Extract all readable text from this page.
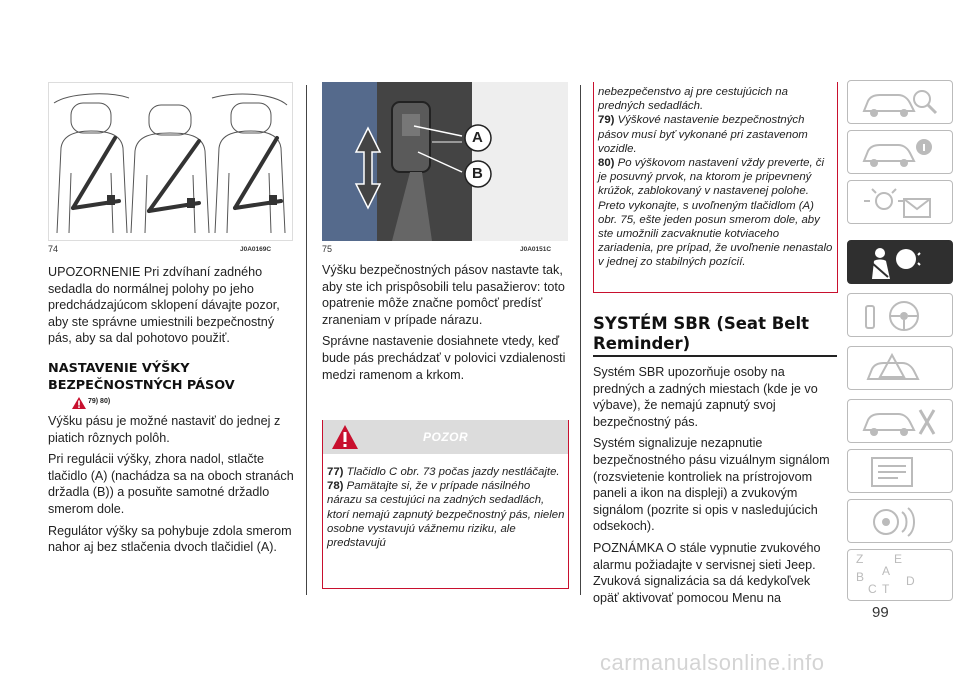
74	J0A0169C

UPOZORNENIE Pri zdvíhaní zadného sedadla do normálnej polohy po jeho predchádzajúcom sklopení dávajte pozor, aby ste správne umiestnili bezpečnostný pás, aby sa dal pohotovo použiť.

NASTAVENIE VÝŠKY
BEZPEČNOSTNÝCH PÁSOV
79) 80)

Výšku pásu je možné nastaviť do jednej z piatich rôznych polôh.

Pri regulácii výšky, zhora nadol, stlačte tlačidlo (A) (nachádza sa na oboch stranách držadla (B)) a posuňte samotné držadlo smerom dole.

Regulátor výšky sa pohybuje zdola smerom nahor aj bez stlačenia dvoch tlačidiel (A).

A
B
75	J0A0151C

Výšku bezpečnostných pásov nastavte tak, aby ste ich prispôsobili telu pasažierov: toto opatrenie môže značne pomôcť predísť zraneniam v prípade nárazu.

Správne nastavenie dosiahnete vtedy, keď bude pás prechádzať v polovici vzdialenosti medzi ramenom a krkom.

POZOR
77) Tlačidlo C obr. 73 počas jazdy nestláčajte.
78) Pamätajte si, že v prípade násilného nárazu sa cestujúci na zadných sedadlách, ktorí nemajú zapnutý bezpečnostný pás, nielen osobne vystavujú vážnemu riziku, ale predstavujú
nebezpečenstvo aj pre cestujúcich na predných sedadlách.
79) Výškové nastavenie bezpečnostných pásov musí byť vykonané pri zastavenom vozidle.
80) Po výškovom nastavení vždy preverte, či je posuvný prvok, na ktorom je pripevnený krúžok, zablokovaný v nastavenej polohe. Preto vykonajte, s uvoľneným tlačidlom (A) obr. 75, ešte jeden posun smerom dole, aby ste umožnili zacvaknutie kotviaceho zariadenia, pre prípad, že uvoľnenie nenastalo v jednej zo stabilných pozícií.
SYSTÉM SBR (Seat Belt
Reminder)

Systém SBR upozorňuje osoby na predných a zadných miestach (kde je vo výbave), že nemajú zapnutý svoj bezpečnostný pás.

Systém signalizuje nezapnutie bezpečnostného pásu vizuálnym signálom (rozsvietenie kontroliek na prístrojovom paneli a ikon na displeji) a zvukovým signálom (pozrite si opis v nasledujúcich odsekoch).

POZNÁMKA O stále vypnutie zvukového alarmu požiadajte v servisnej sieti Jeep. Zvuková signalizácia sa dá kedykoľvek opäť aktivovať pomocou Menu na

Z	E
B A
C T
D
99
carmanualsonline.info
